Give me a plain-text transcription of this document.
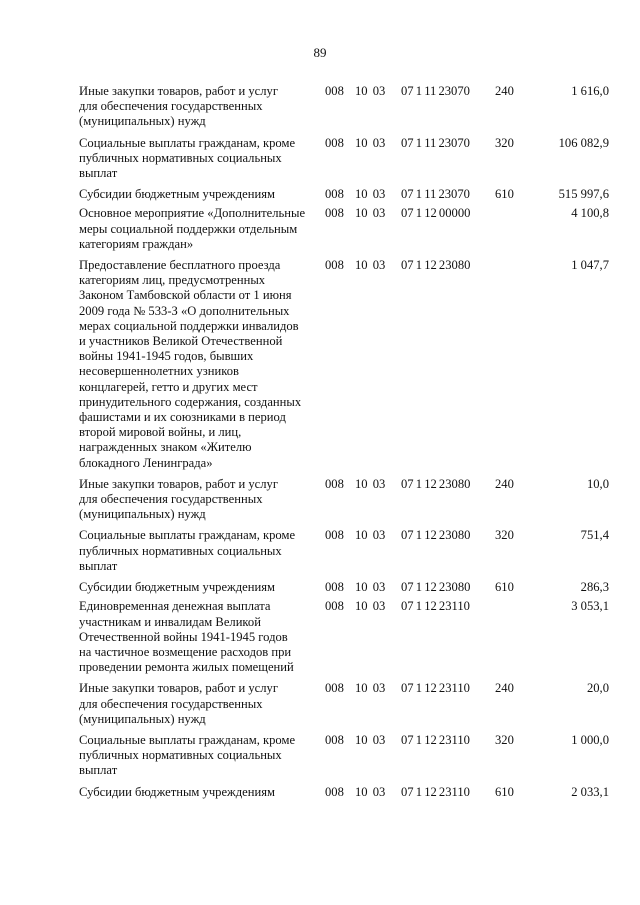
89
Иные закупки товаров, работ и услуг
для обеспечения государственных
(муниципальных) нужд
008 10 03	07 1 11 23070	240	1 616,0
Социальные выплаты гражданам, кроме
публичных нормативных социальных
выплат
008 10 03	07 1 11 23070	320	106 082,9
Субсидии бюджетным учреждениям	008 10 03	07 1 11 23070	610	515 997,6
Основное мероприятие «Дополнительные
меры социальной поддержки отдельным
категориям граждан»
008 10 03	07 1 12 00000	4 100,8
Предоставление бесплатного проезда
категориям лиц, предусмотренных
Законом Тамбовской области от 1 июня
2009 года № 533-З «О дополнительных
мерах социальной поддержки инвалидов
и участников Великой Отечественной
войны 1941-1945 годов, бывших
несовершеннолетних узников
концлагерей, гетто и других мест
принудительного содержания, созданных
фашистами и их союзниками в период
второй мировой войны, и лиц,
награжденных знаком «Жителю
блокадного Ленинграда»
008 10 03	07 1 12 23080	1 047,7
Иные закупки товаров, работ и услуг
для обеспечения государственных
(муниципальных) нужд
008 10 03	07 1 12 23080	240	10,0
Социальные выплаты гражданам, кроме
публичных нормативных социальных
выплат
008 10 03	07 1 12 23080	320	751,4
Субсидии бюджетным учреждениям	008 10 03	07 1 12 23080	610	286,3
Единовременная денежная выплата
участникам и инвалидам Великой
Отечественной войны 1941-1945 годов
на частичное возмещение расходов при
проведении ремонта жилых помещений
008 10 03	07 1 12 23110	3 053,1
Иные закупки товаров, работ и услуг
для обеспечения государственных
(муниципальных) нужд
008 10 03	07 1 12 23110	240	20,0
Социальные выплаты гражданам, кроме
публичных нормативных социальных
выплат
008 10 03	07 1 12 23110	320	1 000,0
Субсидии бюджетным учреждениям	008 10 03	07 1 12 23110	610	2 033,1
